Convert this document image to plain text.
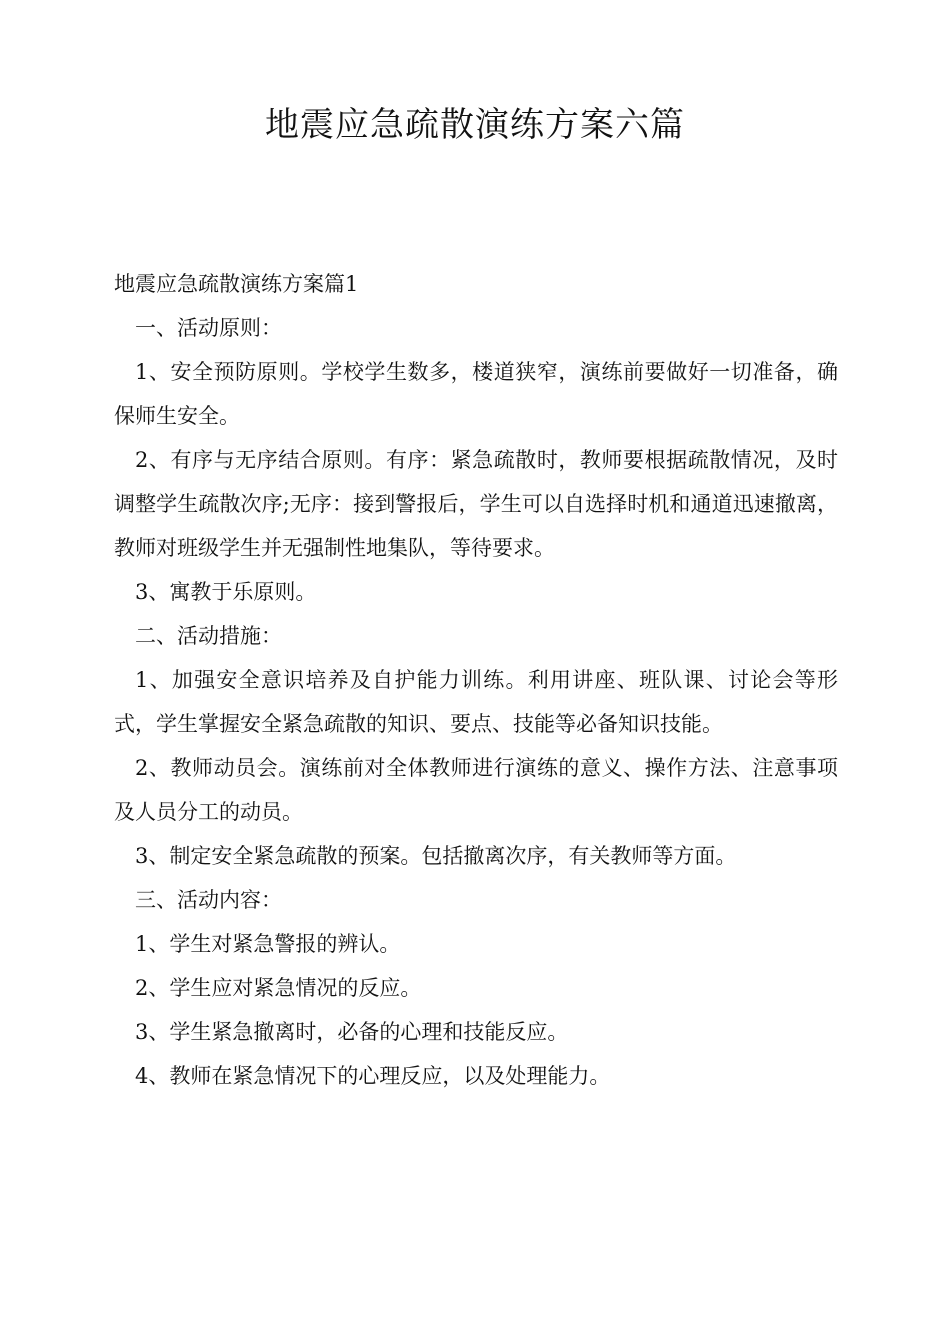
地震应急疏散演练方案六篇

地震应急疏散演练方案篇1

一、活动原则：

1、安全预防原则。学校学生数多，楼道狭窄，演练前要做好一切准备，确保师生安全。

2、有序与无序结合原则。有序：紧急疏散时，教师要根据疏散情况，及时调整学生疏散次序;无序：接到警报后，学生可以自选择时机和通道迅速撤离，教师对班级学生并无强制性地集队，等待要求。

3、寓教于乐原则。

二、活动措施：

1、加强安全意识培养及自护能力训练。利用讲座、班队课、讨论会等形式，学生掌握安全紧急疏散的知识、要点、技能等必备知识技能。

2、教师动员会。演练前对全体教师进行演练的意义、操作方法、注意事项及人员分工的动员。

3、制定安全紧急疏散的预案。包括撤离次序，有关教师等方面。

三、活动内容：

1、学生对紧急警报的辨认。

2、学生应对紧急情况的反应。

3、学生紧急撤离时，必备的心理和技能反应。

4、教师在紧急情况下的心理反应，以及处理能力。
